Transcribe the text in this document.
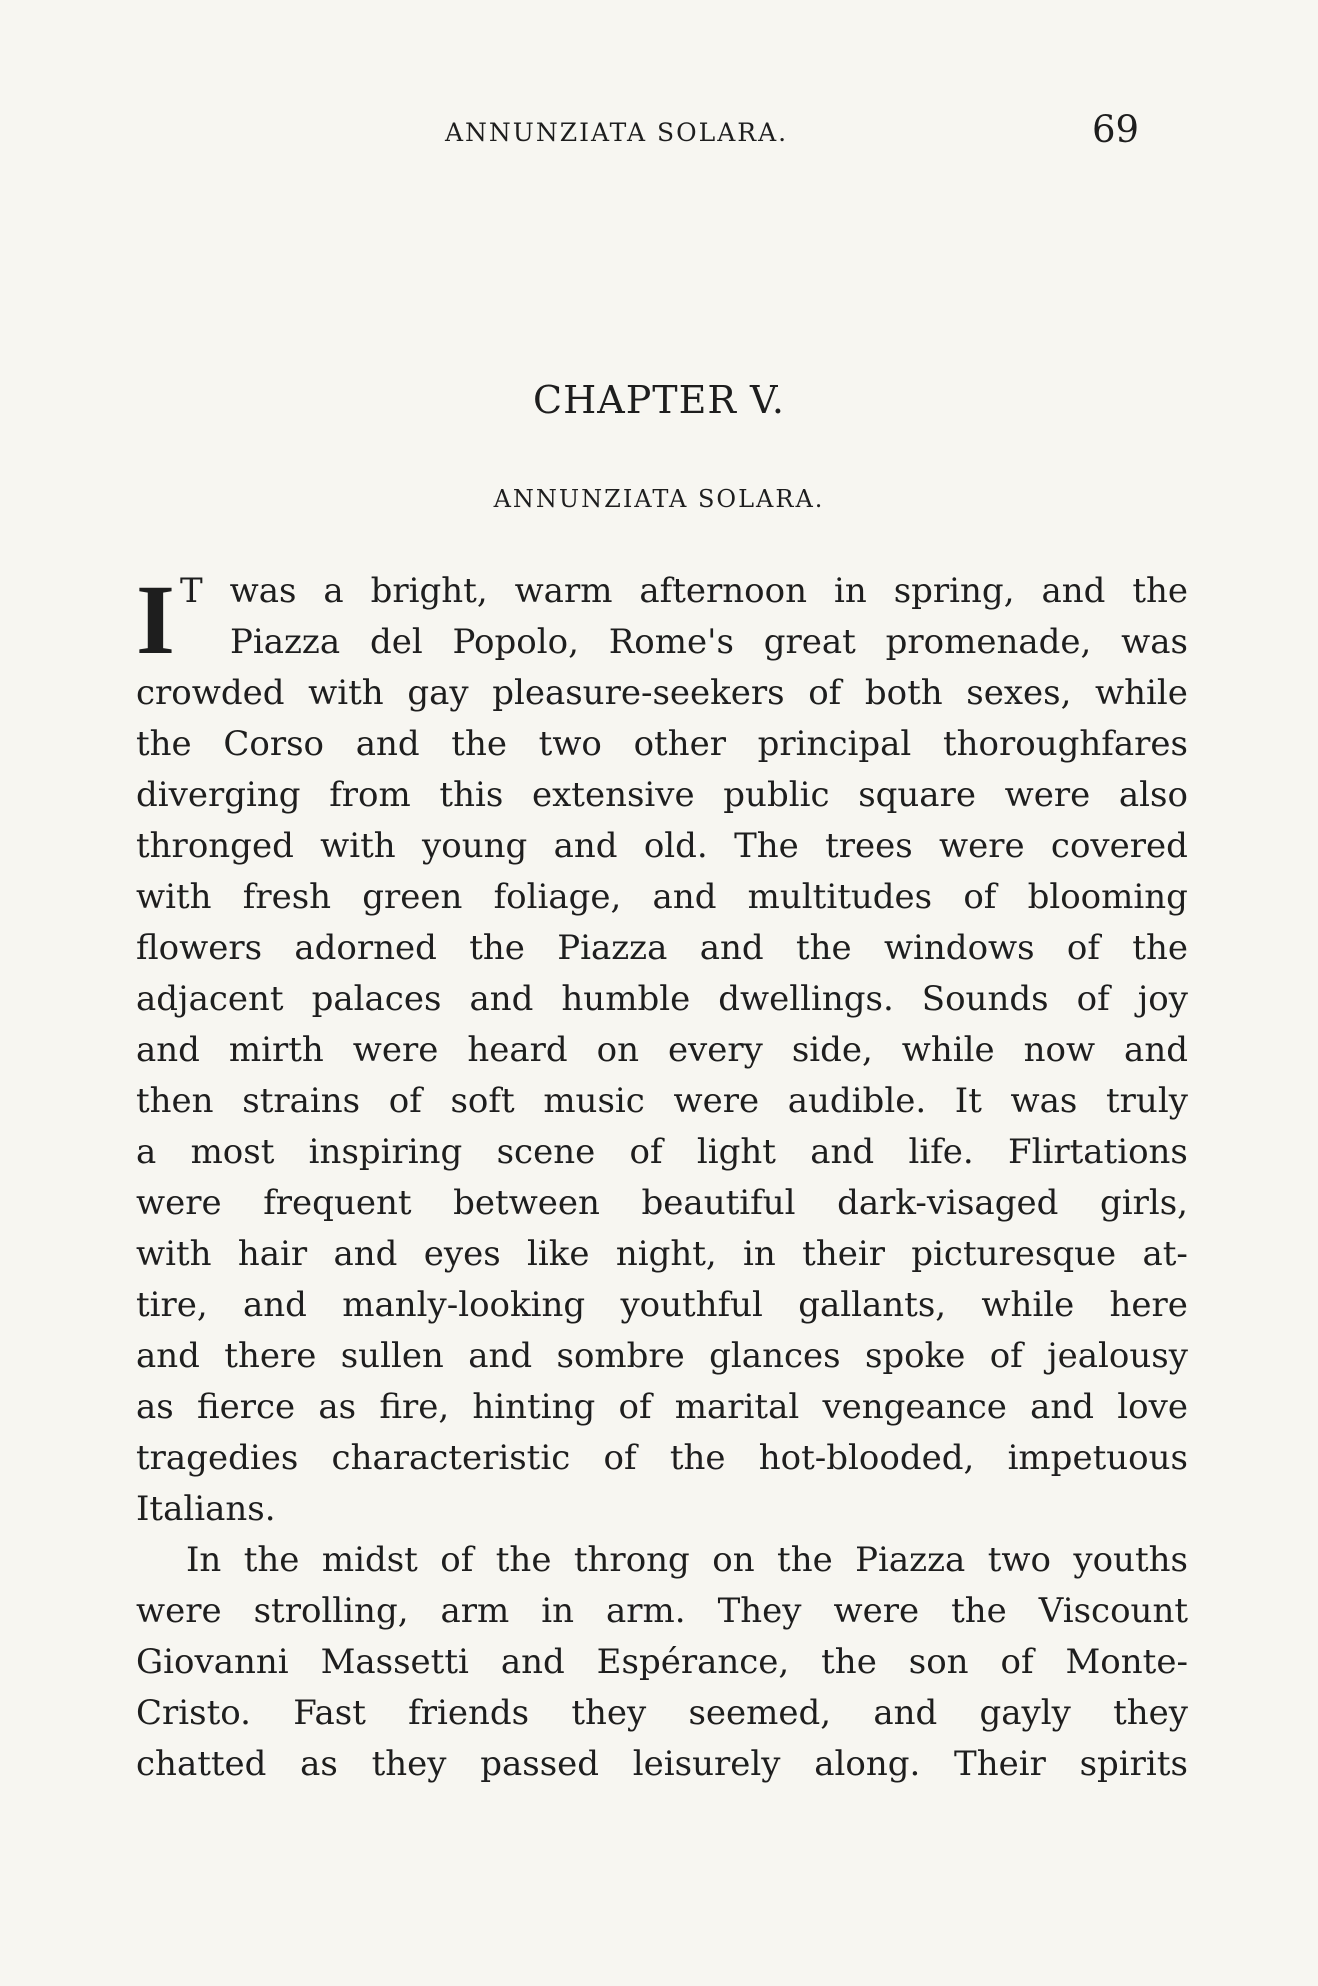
ANNUNZIATA SOLARA.	69
CHAPTER V.
ANNUNZIATA SOLARA.
I T was a bright, warm afternoon in spring, and the
Piazza del Popolo, Rome's great promenade, was
crowded with gay pleasure-seekers of both sexes, while
the Corso and the two other principal thoroughfares
diverging from this extensive public square were also
thronged with young and old. The trees were covered
with fresh green foliage, and multitudes of blooming
flowers adorned the Piazza and the windows of the
adjacent palaces and humble dwellings. Sounds of joy
and mirth were heard on every side, while now and
then strains of soft music were audible. It was truly
a most inspiring scene of light and life. Flirtations
were frequent between beautiful dark-visaged girls,
with hair and eyes like night, in their picturesque at-
tire, and manly-looking youthful gallants, while here
and there sullen and sombre glances spoke of jealousy
as fierce as fire, hinting of marital vengeance and love
tragedies characteristic of the hot-blooded, impetuous
Italians.
In the midst of the throng on the Piazza two youths
were strolling, arm in arm. They were the Viscount
Giovanni Massetti and Espérance, the son of Monte-
Cristo. Fast friends they seemed, and gayly they
chatted as they passed leisurely along. Their spirits
